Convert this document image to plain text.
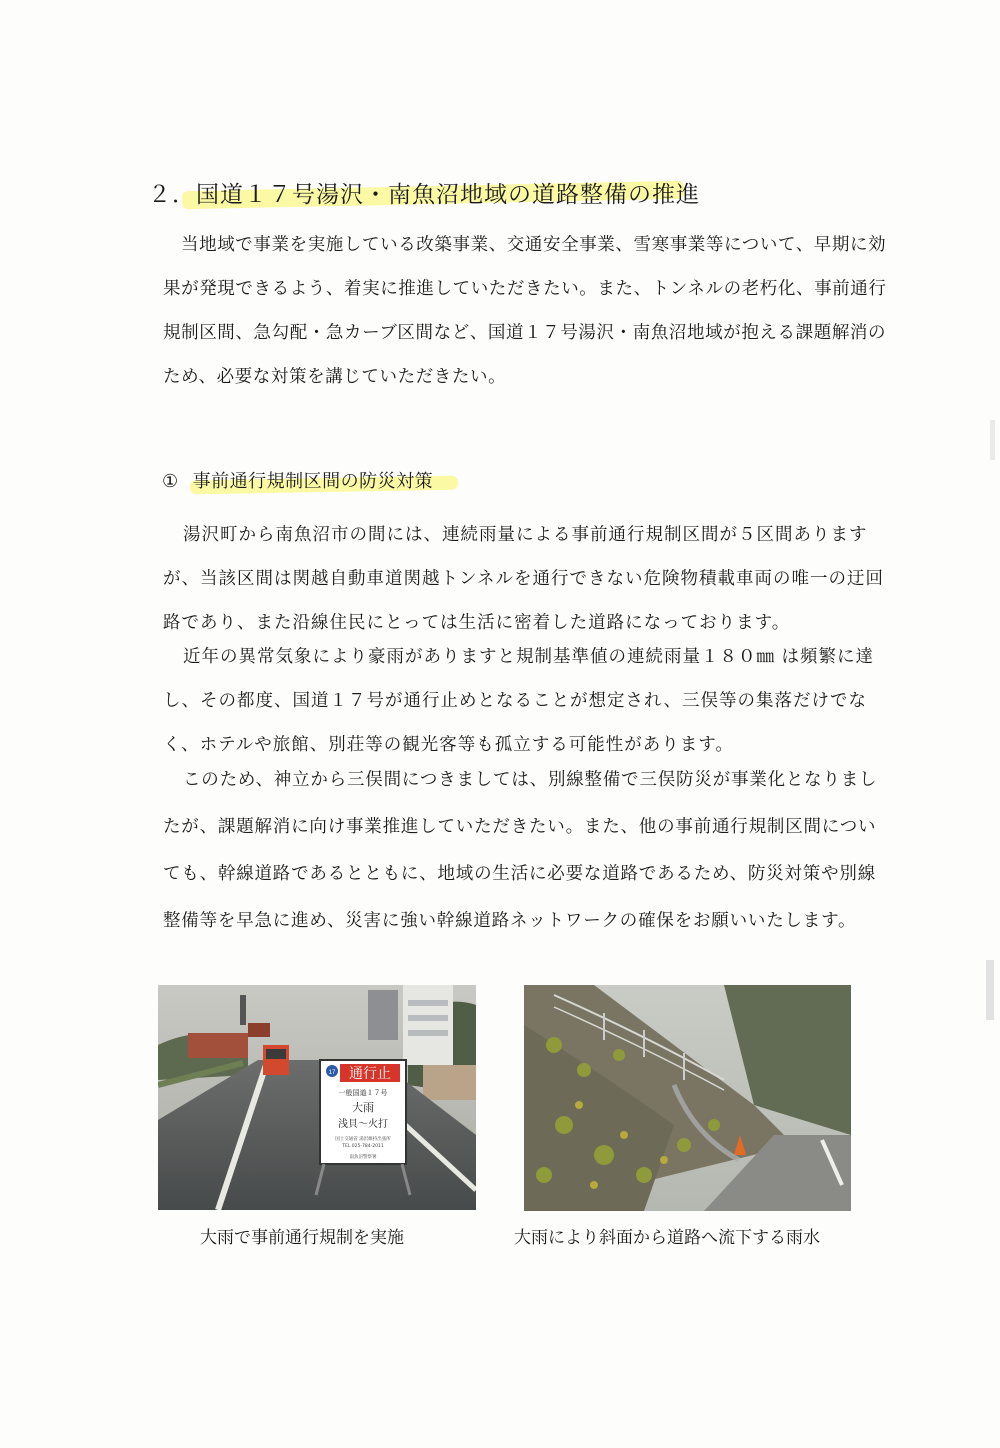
２．国道１７号湯沢・南魚沼地域の道路整備の推進

当地域で事業を実施している改築事業、交通安全事業、雪寒事業等について、早期に効果が発現できるよう、着実に推進していただきたい。また、トンネルの老朽化、事前通行規制区間、急勾配・急カーブ区間など、国道１７号湯沢・南魚沼地域が抱える課題解消のため、必要な対策を講じていただきたい。

① 事前通行規制区間の防災対策

湯沢町から南魚沼市の間には、連続雨量による事前通行規制区間が５区間ありますが、当該区間は関越自動車道関越トンネルを通行できない危険物積載車両の唯一の迂回路であり、また沿線住民にとっては生活に密着した道路になっております。

近年の異常気象により豪雨がありますと規制基準値の連続雨量１８０㎜ は頻繁に達し、その都度、国道１７号が通行止めとなることが想定され、三俣等の集落だけでなく、ホテルや旅館、別荘等の観光客等も孤立する可能性があります。

このため、神立から三俣間につきましては、別線整備で三俣防災が事業化となりましたが、課題解消に向け事業推進していただきたい。また、他の事前通行規制区間についても、幹線道路であるとともに、地域の生活に必要な道路であるため、防災対策や別線整備等を早急に進め、災害に強い幹線道路ネットワークの確保をお願いいたします。

17 通行止
一般国道１７号
大雨
浅貝～火打
国土交通省 湯沢維持出張所
TEL 025-784-2011
南魚沼警察署
大雨で事前通行規制を実施	大雨により斜面から道路へ流下する雨水
